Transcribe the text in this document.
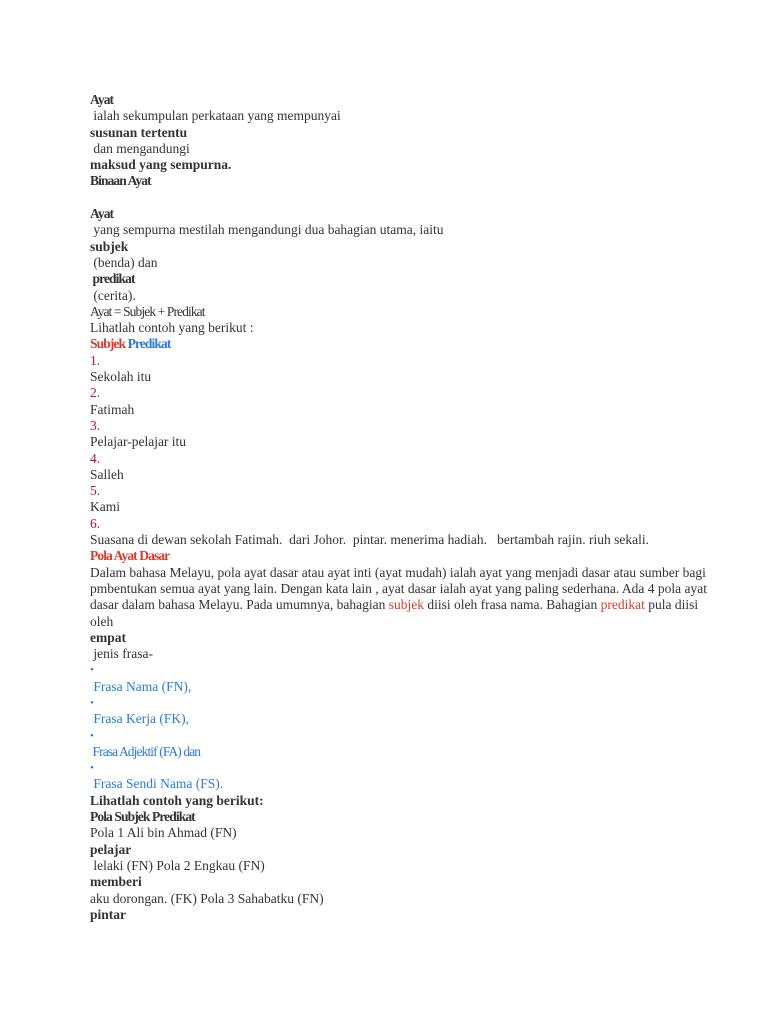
Ayat

ialah sekumpulan perkataan yang mempunyai

susunan tertentu

dan mengandungi

maksud yang sempurna.

Binaan Ayat

Ayat

yang sempurna mestilah mengandungi dua bahagian utama, iaitu

subjek

(benda) dan

predikat

(cerita).

Ayat = Subjek + Predikat

Lihatlah contoh yang berikut :

Subjek Predikat

1.

Sekolah itu

2.

Fatimah

3.

Pelajar-pelajar itu

4.

Salleh

5.

Kami

6.

Suasana di dewan sekolah Fatimah.  dari Johor.  pintar. menerima hadiah.   bertambah rajin. riuh sekali.

Pola Ayat Dasar

Dalam bahasa Melayu, pola ayat dasar atau ayat inti (ayat mudah) ialah ayat yang menjadi dasar atau sumber bagi pmbentukan semua ayat yang lain. Dengan kata lain , ayat dasar ialah ayat yang paling sederhana. Ada 4 pola ayat dasar dalam bahasa Melayu. Pada umumnya, bahagian subjek diisi oleh frasa nama. Bahagian predikat pula diisi oleh

empat

jenis frasa-

•

Frasa Nama (FN),

•

Frasa Kerja (FK),

•

Frasa Adjektif (FA) dan

•

Frasa Sendi Nama (FS).

Lihatlah contoh yang berikut:

Pola Subjek Predikat

Pola 1 Ali bin Ahmad (FN)

pelajar

lelaki (FN) Pola 2 Engkau (FN)

memberi

aku dorongan. (FK) Pola 3 Sahabatku (FN)

pintar
